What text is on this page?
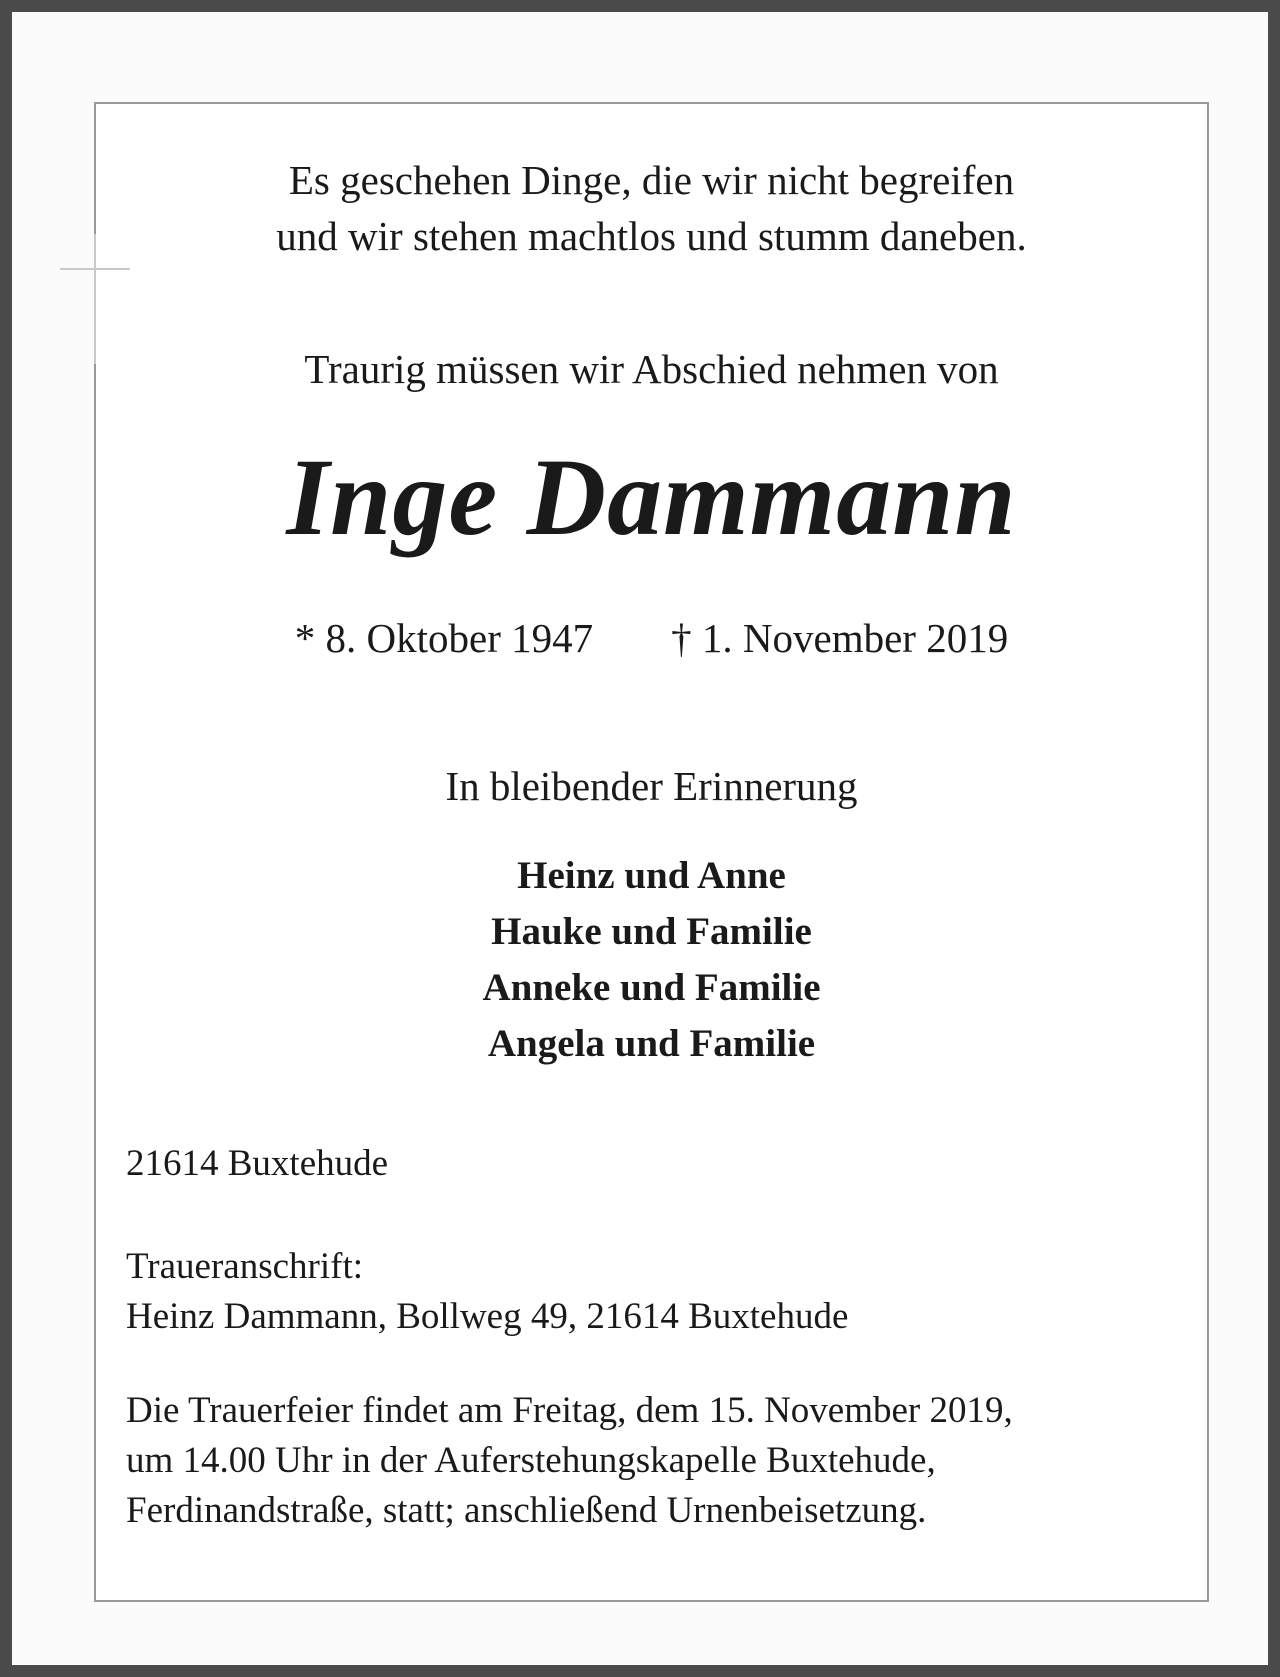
Es geschehen Dinge, die wir nicht begreifen
und wir stehen machtlos und stumm daneben.
Traurig müssen wir Abschied nehmen von
Inge Dammann
* 8. Oktober 1947 † 1. November 2019
In bleibender Erinnerung
Heinz und Anne
Hauke und Familie
Anneke und Familie
Angela und Familie
21614 Buxtehude
Traueranschrift:
Heinz Dammann, Bollweg 49, 21614 Buxtehude
Die Trauerfeier findet am Freitag, dem 15. November 2019,
um 14.00 Uhr in der Auferstehungskapelle Buxtehude,
Ferdinandstraße, statt; anschließend Urnenbeisetzung.
